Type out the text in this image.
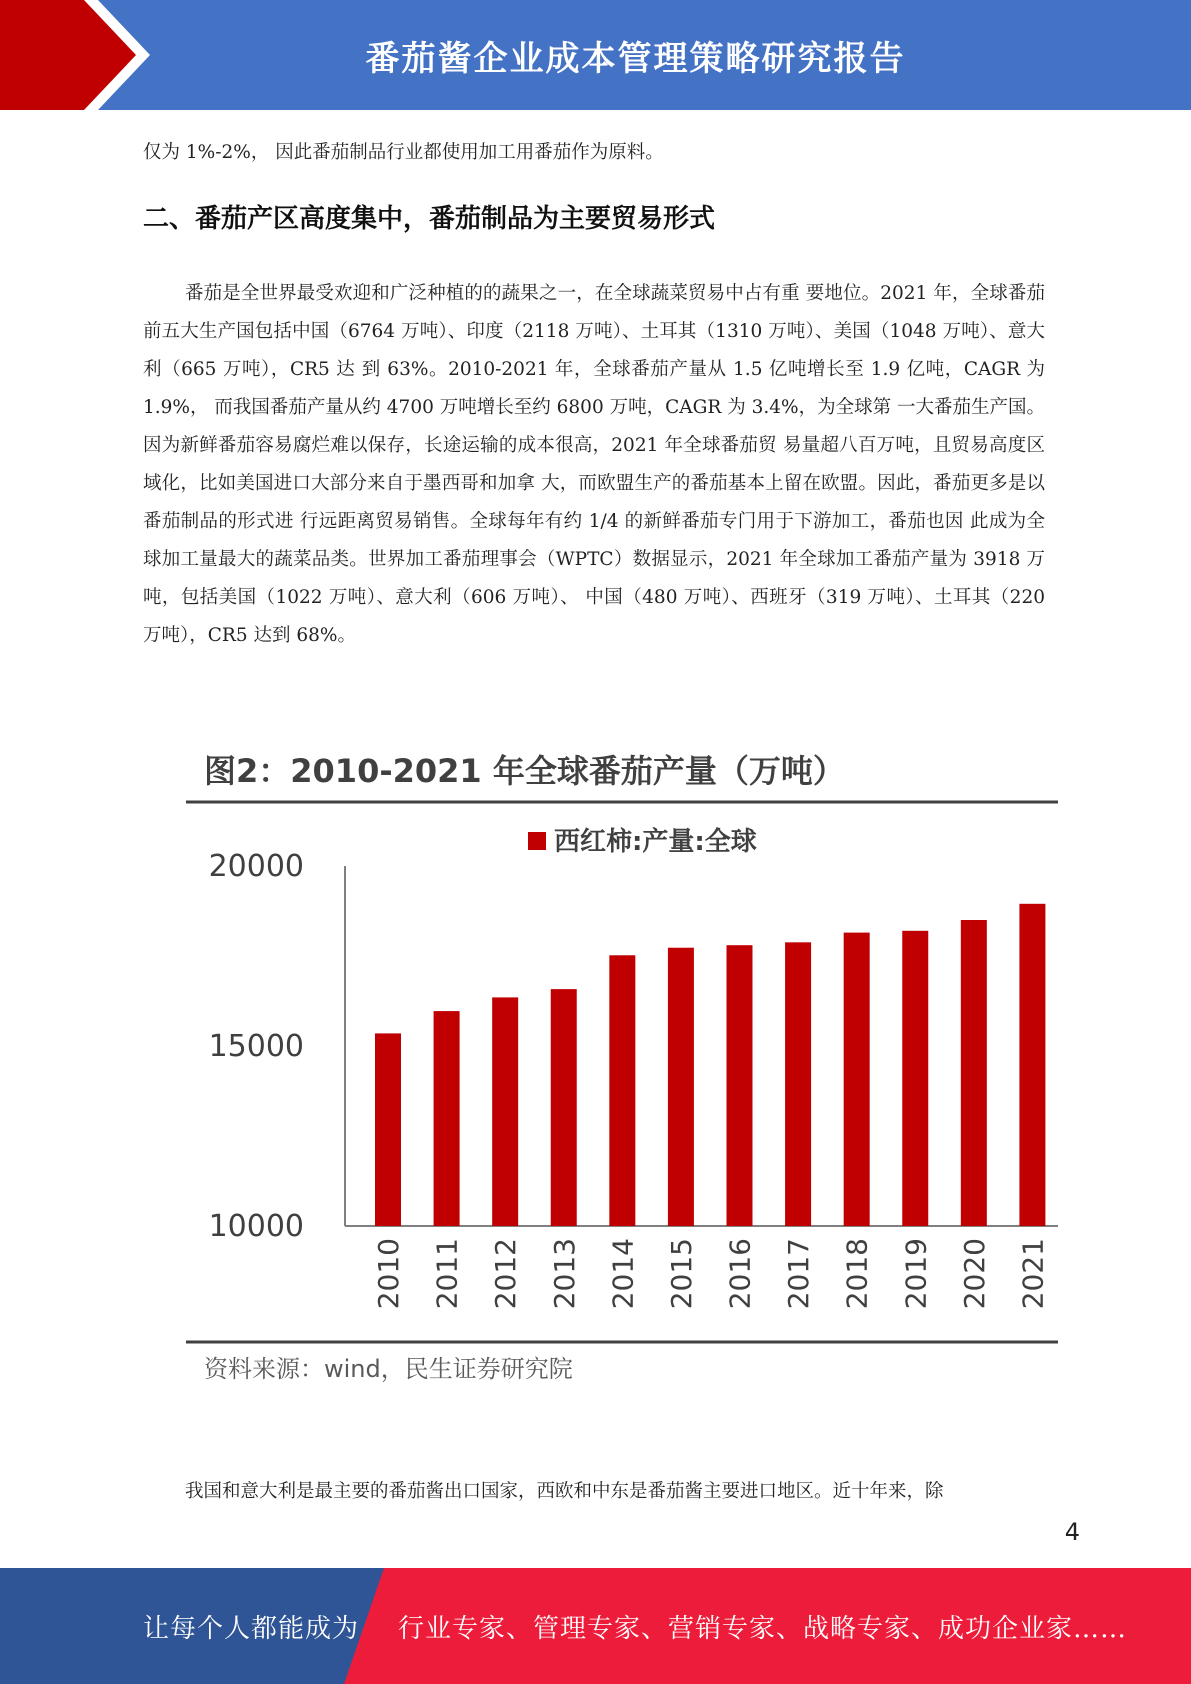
番茄酱企业成本管理策略研究报告

仅为 1%-2%， 因此番茄制品行业都使用加工用番茄作为原料。

二、番茄产区高度集中，番茄制品为主要贸易形式

番茄是全世界最受欢迎和广泛种植的的蔬果之一，在全球蔬菜贸易中占有重 要地位。2021 年，全球番茄前五大生产国包括中国（6764 万吨）、印度（2118 万吨）、土耳其（1310 万吨）、美国（1048 万吨）、意大利（665 万吨），CR5 达 到 63%。2010-2021 年，全球番茄产量从 1.5 亿吨增长至 1.9 亿吨，CAGR 为 1.9%， 而我国番茄产量从约 4700 万吨增长至约 6800 万吨，CAGR 为 3.4%，为全球第 一大番茄生产国。 因为新鲜番茄容易腐烂难以保存，长途运输的成本很高，2021 年全球番茄贸 易量超八百万吨，且贸易高度区域化，比如美国进口大部分来自于墨西哥和加拿 大，而欧盟生产的番茄基本上留在欧盟。因此，番茄更多是以番茄制品的形式进 行远距离贸易销售。全球每年有约 1/4 的新鲜番茄专门用于下游加工，番茄也因 此成为全球加工量最大的蔬菜品类。世界加工番茄理事会（WPTC）数据显示，2021 年全球加工番茄产量为 3918 万吨，包括美国（1022 万吨）、意大利（606 万吨）、 中国（480 万吨）、西班牙（319 万吨）、土耳其（220 万吨），CR5 达到 68%。

图2：2010-2021 年全球番茄产量（万吨）
西红柿:产量:全球
20000
15000
10000
2010 2011 2012 2013 2014 2015 2016 2017 2018 2019 2020 2021
资料来源：wind，民生证券研究院

我国和意大利是最主要的番茄酱出口国家，西欧和中东是番茄酱主要进口地区。近十年来，除

4
让每个人都能成为 行业专家、管理专家、营销专家、战略专家、成功企业家……
